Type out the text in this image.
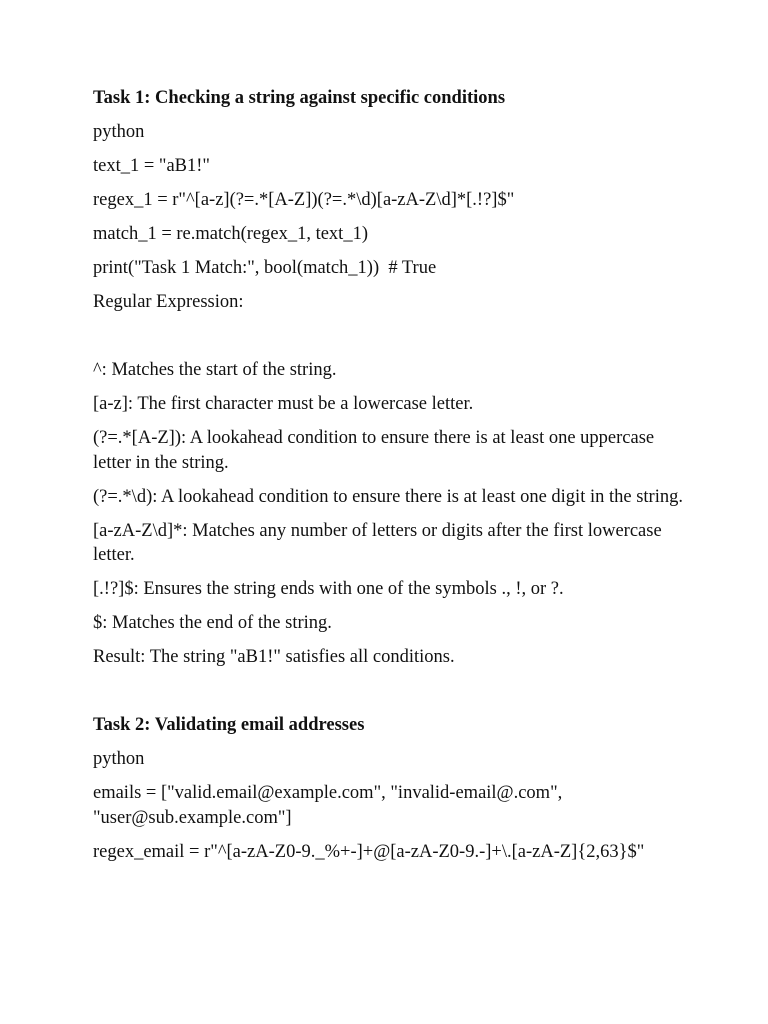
Task 1: Checking a string against specific conditions
python
text_1 = "aB1!"
regex_1 = r"^[a-z](?=.*[A-Z])(?=.*\d)[a-zA-Z\d]*[.!?]$"
match_1 = re.match(regex_1, text_1)
print("Task 1 Match:", bool(match_1))  # True
Regular Expression:
^: Matches the start of the string.
[a-z]: The first character must be a lowercase letter.
(?=.*[A-Z]): A lookahead condition to ensure there is at least one uppercase letter in the string.
(?=.*\d): A lookahead condition to ensure there is at least one digit in the string.
[a-zA-Z\d]*: Matches any number of letters or digits after the first lowercase letter.
[.!?]$: Ensures the string ends with one of the symbols ., !, or ?.
$: Matches the end of the string.
Result: The string "aB1!" satisfies all conditions.
Task 2: Validating email addresses
python
emails = ["valid.email@example.com", "invalid-email@.com", "user@sub.example.com"]
regex_email = r"^[a-zA-Z0-9._%+-]+@[a-zA-Z0-9.-]+\.[a-zA-Z]{2,63}$"
